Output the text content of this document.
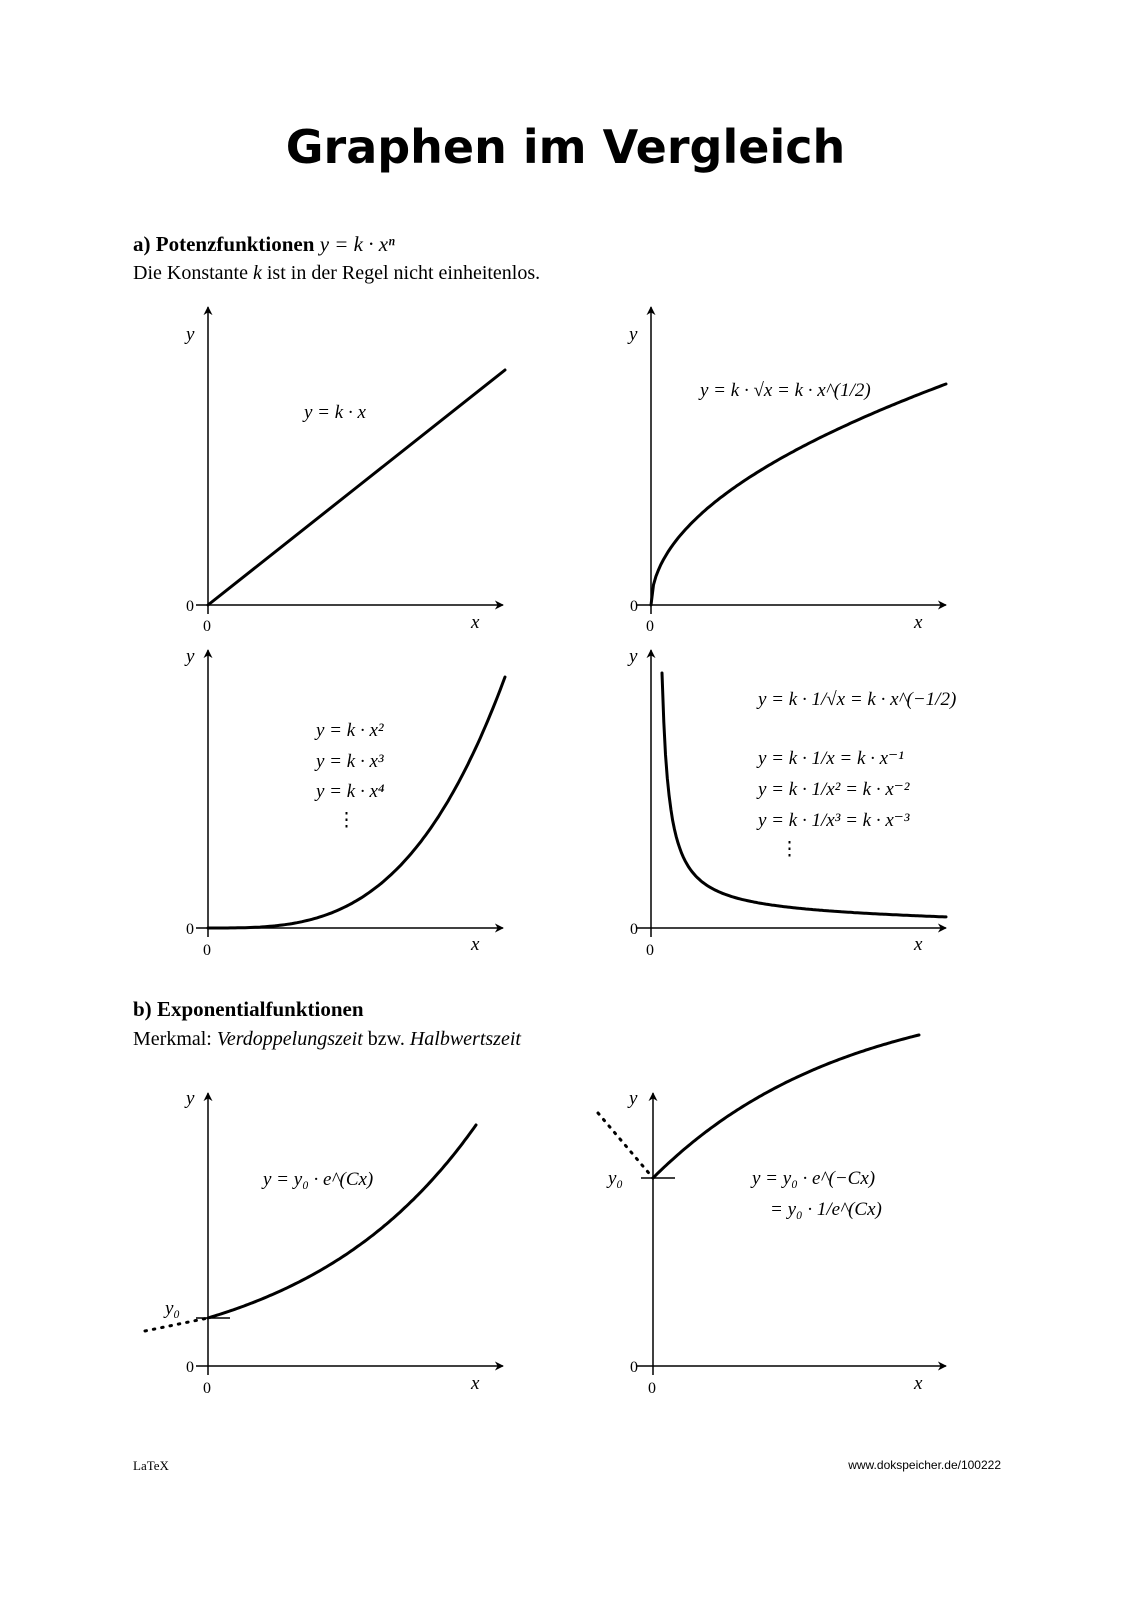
Graphen im Vergleich
a) Potenzfunktionen y = k · xⁿ
Die Konstante k ist in der Regel nicht einheitenlos.
b) Exponentialfunktionen
Merkmal: Verdoppelungszeit bzw. Halbwertszeit
y
x
0
0
y = k · x
y
x
0
0
y = k · √x = k · x^(1/2)
y
x
0
0
y = k · x²
y = k · x³
y = k · x⁴
⋮
y
x
0
0
y = k · 1/√x = k · x^(−1/2)
y = k · 1/x = k · x⁻¹
y = k · 1/x² = k · x⁻²
y = k · 1/x³ = k · x⁻³
⋮
y
x
0
0
y₀
y = y₀ · e^(Cx)
y
x
0
0
y₀	y = y₀ · e^(−Cx)
= y₀ · 1/e^(Cx)
LaTeX	www.dokspeicher.de/100222
